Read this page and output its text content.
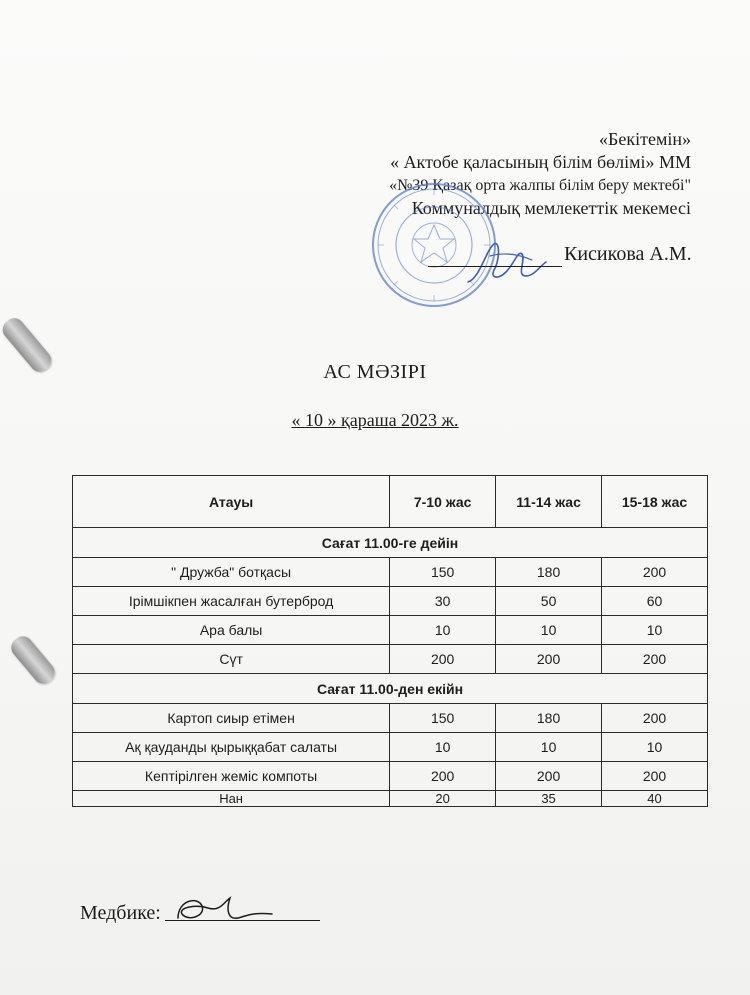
«Бекітемін»
« Актобе қаласының білім бөлімі» ММ
«№39 Қазақ орта жалпы білім беру мектебі"
Коммуналдық мемлекеттік мекемесі
Кисикова А.М.
АС МӘЗІРІ
« 10 » қараша 2023 ж.
Атауы	7-10 жас	11-14 жас	15-18 жас
Сағат 11.00-ге дейін			
" Дружба" ботқасы	150	180	200
Ірімшікпен жасалған бутерброд	30	50	60
Ара балы	10	10	10
Сүт	200	200	200
Сағат 11.00-ден екійн			
Картоп сиыр етімен	150	180	200
Ақ қауданды қырыққабат салаты	10	10	10
Кептірілген жеміс компоты	200	200	200
Нан	20	35	40
Медбике:
